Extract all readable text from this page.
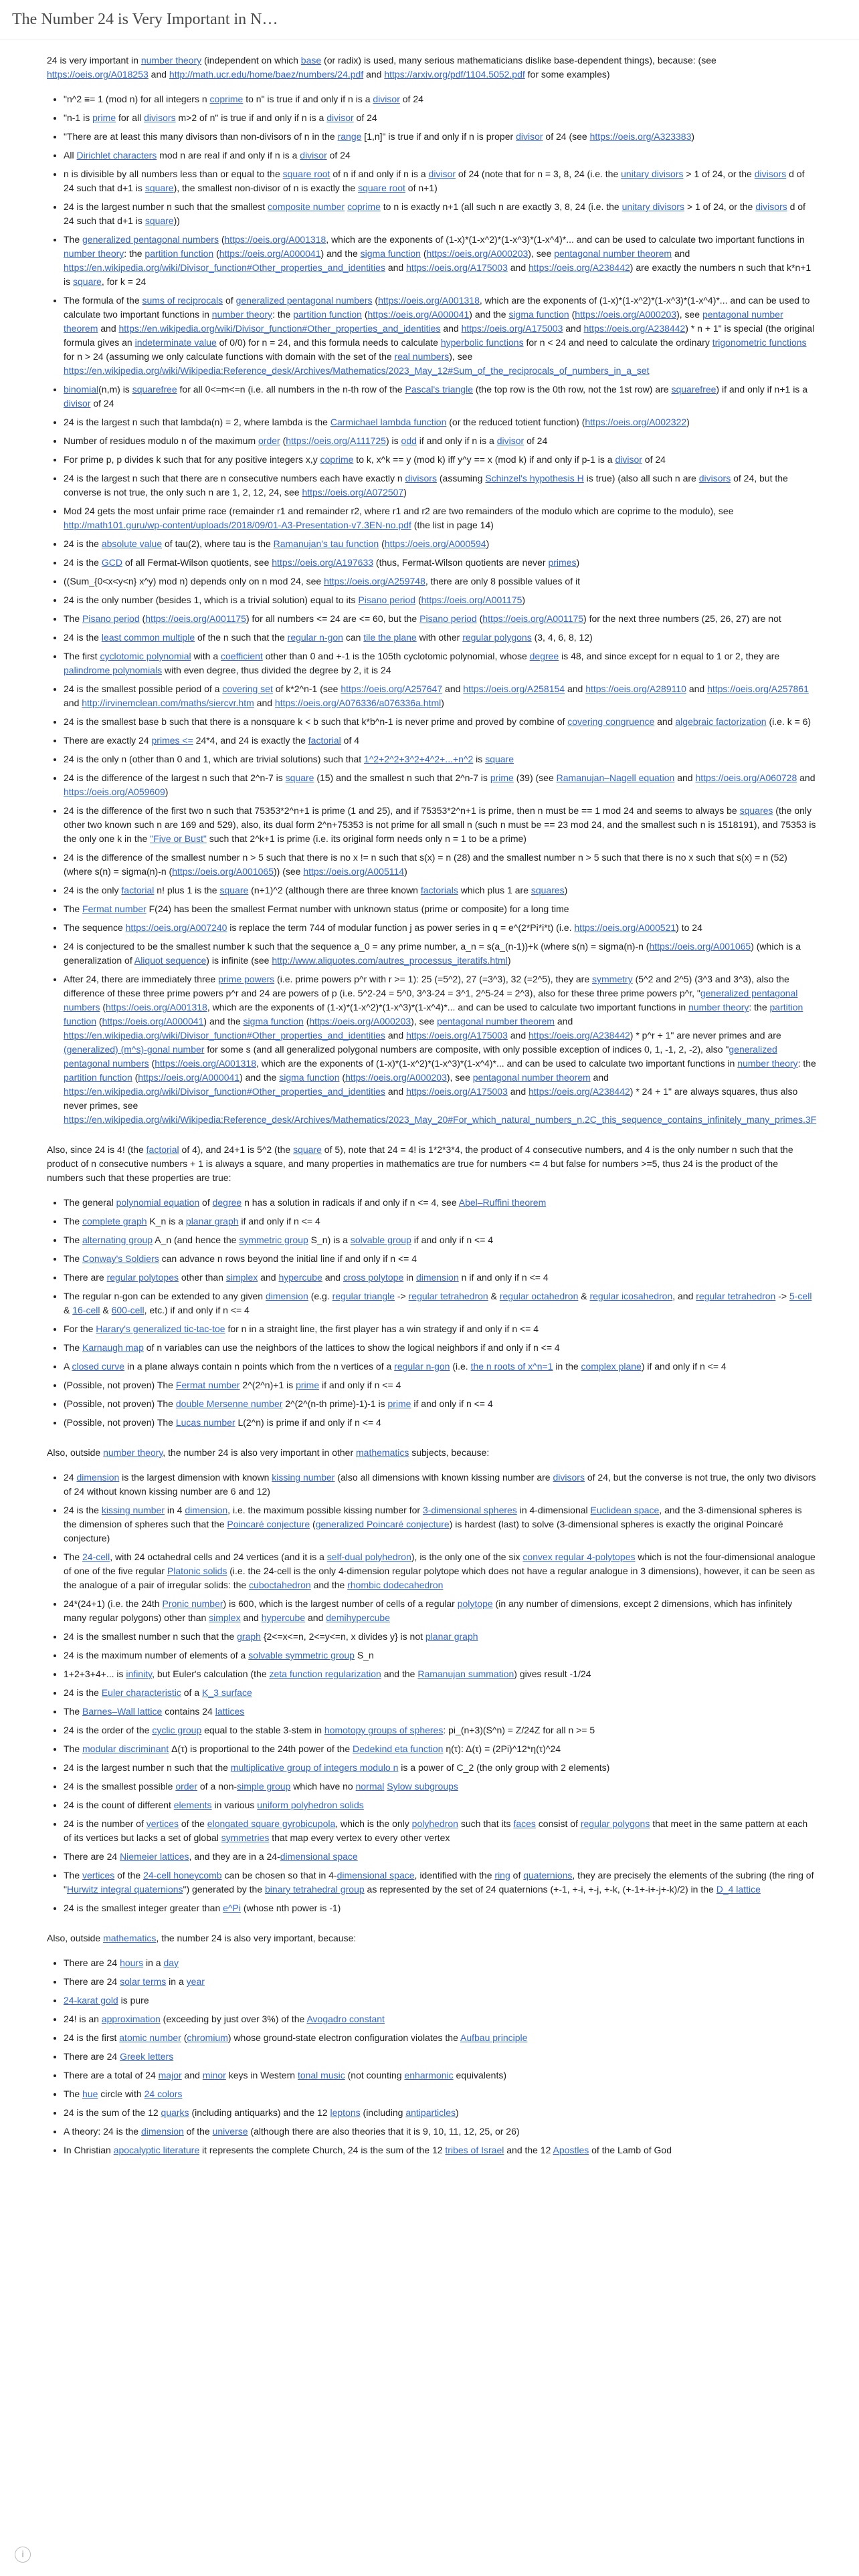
The Number 24 is Very Important in N…

24 is very important in number theory (independent on which base (or radix) is used, many serious mathematicians dislike base-dependent things), because: (see https://oeis.org/A018253 and http://math.ucr.edu/home/baez/numbers/24.pdf and https://arxiv.org/pdf/1104.5052.pdf for some examples)

• "n^2 ≡= 1 (mod n) for all integers n coprime to n" is true if and only if n is a divisor of 24
• "n-1 is prime for all divisors m>2 of n" is true if and only if n is a divisor of 24
• "There are at least this many divisors than non-divisors of n in the range [1,n]" is true if and only if n is proper divisor of 24 (see https://oeis.org/A323383)
• All Dirichlet characters mod n are real if and only if n is a divisor of 24
• n is divisible by all numbers less than or equal to the square root of n if and only if n is a divisor of 24 (note that for n = 3, 8, 24 (i.e. the unitary divisors > 1 of 24, or the divisors d of 24 such that d+1 is square), the smallest non-divisor of n is exactly the square root of n+1)
• 24 is the largest number n such that the smallest composite number coprime to n is exactly n+1 (all such n are exactly 3, 8, 24 (i.e. the unitary divisors > 1 of 24, or the divisors d of 24 such that d+1 is square))
• The generalized pentagonal numbers (https://oeis.org/A001318, which are the exponents of (1-x)*(1-x^2)*(1-x^3)*(1-x^4)*... and can be used to calculate two important functions in number theory: the partition function (https://oeis.org/A000041) and the sigma function (https://oeis.org/A000203), see pentagonal number theorem and https://en.wikipedia.org/wiki/Divisor_function#Other_properties_and_identities and https://oeis.org/A175003 and https://oeis.org/A238442) are exactly the numbers n such that k*n+1 is square, for k = 24
• The formula of the sums of reciprocals of generalized pentagonal numbers (https://oeis.org/A001318, which are the exponents of (1-x)*(1-x^2)*(1-x^3)*(1-x^4)*... and can be used to calculate two important functions in number theory: the partition function (https://oeis.org/A000041) and the sigma function (https://oeis.org/A000203), see pentagonal number theorem and https://en.wikipedia.org/wiki/Divisor_function#Other_properties_and_identities and https://oeis.org/A175003 and https://oeis.org/A238442) * n + 1" is special (the original formula gives an indeterminate value of 0/0) for n = 24, and this formula needs to calculate hyperbolic functions for n < 24 and need to calculate the ordinary trigonometric functions for n > 24 (assuming we only calculate functions with domain with the set of the real numbers), see https://en.wikipedia.org/wiki/Wikipedia:Reference_desk/Archives/Mathematics/2023_May_12#Sum_of_the_reciprocals_of_numbers_in_a_set
• binomial(n,m) is squarefree for all 0<=m<=n (i.e. all numbers in the n-th row of the Pascal's triangle (the top row is the 0th row, not the 1st row) are squarefree) if and only if n+1 is a divisor of 24
• 24 is the largest n such that lambda(n) = 2, where lambda is the Carmichael lambda function (or the reduced totient function) (https://oeis.org/A002322)
• Number of residues modulo n of the maximum order (https://oeis.org/A111725) is odd if and only if n is a divisor of 24
• For prime p, p divides k such that for any positive integers x,y coprime to k, x^k == y (mod k) iff y^y == x (mod k) if and only if p-1 is a divisor of 24
• 24 is the largest n such that there are n consecutive numbers each have exactly n divisors (assuming Schinzel's hypothesis H is true) (also all such n are divisors of 24, but the converse is not true, the only such n are 1, 2, 12, 24, see https://oeis.org/A072507)
• Mod 24 gets the most unfair prime race (remainder r1 and remainder r2, where r1 and r2 are two remainders of the modulo which are coprime to the modulo), see http://math101.guru/wp-content/uploads/2018/09/01-A3-Presentation-v7.3EN-no.pdf (the list in page 14)
• 24 is the absolute value of tau(2), where tau is the Ramanujan's tau function (https://oeis.org/A000594)
• 24 is the GCD of all Fermat-Wilson quotients, see https://oeis.org/A197633 (thus, Fermat-Wilson quotients are never primes)
• ((Sum_{0<x<y<n} x^y) mod n) depends only on n mod 24, see https://oeis.org/A259748, there are only 8 possible values of it
• 24 is the only number (besides 1, which is a trivial solution) equal to its Pisano period (https://oeis.org/A001175)
• The Pisano period (https://oeis.org/A001175) for all numbers <= 24 are <= 60, but the Pisano period (https://oeis.org/A001175) for the next three numbers (25, 26, 27) are not
• 24 is the least common multiple of the n such that the regular n-gon can tile the plane with other regular polygons (3, 4, 6, 8, 12)
• The first cyclotomic polynomial with a coefficient other than 0 and +-1 is the 105th cyclotomic polynomial, whose degree is 48, and since except for n equal to 1 or 2, they are palindrome polynomials with even degree, thus divided the degree by 2, it is 24
• 24 is the smallest possible period of a covering set of k*2^n-1 (see https://oeis.org/A257647 and https://oeis.org/A258154 and https://oeis.org/A289110 and https://oeis.org/A257861 and http://irvinemclean.com/maths/siercvr.htm and https://oeis.org/A076336/a076336a.html)
• 24 is the smallest base b such that there is a nonsquare k < b such that k*b^n-1 is never prime and proved by combine of covering congruence and algebraic factorization (i.e. k = 6)
• There are exactly 24 primes <= 24*4, and 24 is exactly the factorial of 4
• 24 is the only n (other than 0 and 1, which are trivial solutions) such that 1^2+2^2+3^2+4^2+...+n^2 is square
• 24 is the difference of the largest n such that 2^n-7 is square (15) and the smallest n such that 2^n-7 is prime (39) (see Ramanujan–Nagell equation and https://oeis.org/A060728 and https://oeis.org/A059609)
• 24 is the difference of the first two n such that 75353*2^n+1 is prime (1 and 25), and if 75353*2^n+1 is prime, then n must be == 1 mod 24 and seems to always be squares (the only other two known such n are 169 and 529), also, its dual form 2^n+75353 is not prime for all small n (such n must be == 23 mod 24, and the smallest such n is 1518191), and 75353 is the only one k in the "Five or Bust" such that 2^k+1 is prime (i.e. its original form needs only n = 1 to be a prime)
• 24 is the difference of the smallest number n > 5 such that there is no x != n such that s(x) = n (28) and the smallest number n > 5 such that there is no x such that s(x) = n (52) (where s(n) = sigma(n)-n (https://oeis.org/A001065)) (see https://oeis.org/A005114)
• 24 is the only factorial n! plus 1 is the square (n+1)^2 (although there are three known factorials which plus 1 are squares)
• The Fermat number F(24) has been the smallest Fermat number with unknown status (prime or composite) for a long time
• The sequence https://oeis.org/A007240 is replace the term 744 of modular function j as power series in q = e^(2*Pi*i*t) (i.e. https://oeis.org/A000521) to 24
• 24 is conjectured to be the smallest number k such that the sequence a_0 = any prime number, a_n = s(a_(n-1))+k (where s(n) = sigma(n)-n (https://oeis.org/A001065) (which is a generalization of Aliquot sequence) is infinite (see http://www.aliquotes.com/autres_processus_iteratifs.html)
• After 24, there are immediately three prime powers (i.e. prime powers p^r with r >= 1): 25 (=5^2), 27 (=3^3), 32 (=2^5), they are symmetry (5^2 and 2^5) (3^3 and 3^3), also the difference of these three prime powers p^r and 24 are powers of p (i.e. 5^2-24 = 5^0, 3^3-24 = 3^1, 2^5-24 = 2^3), also for these three prime powers p^r, "generalized pentagonal numbers (https://oeis.org/A001318, which are the exponents of (1-x)*(1-x^2)*(1-x^3)*(1-x^4)*... and can be used to calculate two important functions in number theory: the partition function (https://oeis.org/A000041) and the sigma function (https://oeis.org/A000203), see pentagonal number theorem and https://en.wikipedia.org/wiki/Divisor_function#Other_properties_and_identities and https://oeis.org/A175003 and https://oeis.org/A238442) * p^r + 1" are never primes and are (generalized) (m^s)-gonal number for some s (and all generalized polygonal numbers are composite, with only possible exception of indices 0, 1, -1, 2, -2), also "generalized pentagonal numbers (https://oeis.org/A001318, which are the exponents of (1-x)*(1-x^2)*(1-x^3)*(1-x^4)*... and can be used to calculate two important functions in number theory: the partition function (https://oeis.org/A000041) and the sigma function (https://oeis.org/A000203), see pentagonal number theorem and https://en.wikipedia.org/wiki/Divisor_function#Other_properties_and_identities and https://oeis.org/A175003 and https://oeis.org/A238442) * 24 + 1" are always squares, thus also never primes, see https://en.wikipedia.org/wiki/Wikipedia:Reference_desk/Archives/Mathematics/2023_May_20#For_which_natural_numbers_n.2C_this_sequence_contains_infinitely_many_primes.3F

Also, since 24 is 4! (the factorial of 4), and 24+1 is 5^2 (the square of 5), note that 24 = 4! is 1*2*3*4, the product of 4 consecutive numbers, and 4 is the only number n such that the product of n consecutive numbers + 1 is always a square, and many properties in mathematics are true for numbers <= 4 but false for numbers >=5, thus 24 is the product of the numbers such that these properties are true:

• The general polynomial equation of degree n has a solution in radicals if and only if n <= 4, see Abel–Ruffini theorem
• The complete graph K_n is a planar graph if and only if n <= 4
• The alternating group A_n (and hence the symmetric group S_n) is a solvable group if and only if n <= 4
• The Conway's Soldiers can advance n rows beyond the initial line if and only if n <= 4
• There are regular polytopes other than simplex and hypercube and cross polytope in dimension n if and only if n <= 4
• The regular n-gon can be extended to any given dimension (e.g. regular triangle -> regular tetrahedron & regular octahedron & regular icosahedron, and regular tetrahedron -> 5-cell & 16-cell & 600-cell, etc.) if and only if n <= 4
• For the Harary's generalized tic-tac-toe for n in a straight line, the first player has a win strategy if and only if n <= 4
• The Karnaugh map of n variables can use the neighbors of the lattices to show the logical neighbors if and only if n <= 4
• A closed curve in a plane always contain n points which from the n vertices of a regular n-gon (i.e. the n roots of x^n=1 in the complex plane) if and only if n <= 4
• (Possible, not proven) The Fermat number 2^(2^n)+1 is prime if and only if n <= 4
• (Possible, not proven) The double Mersenne number 2^(2^(n-th prime)-1)-1 is prime if and only if n <= 4
• (Possible, not proven) The Lucas number L(2^n) is prime if and only if n <= 4

Also, outside number theory, the number 24 is also very important in other mathematics subjects, because:

• 24 dimension is the largest dimension with known kissing number (also all dimensions with known kissing number are divisors of 24, but the converse is not true, the only two divisors of 24 without known kissing number are 6 and 12)
• 24 is the kissing number in 4 dimension, i.e. the maximum possible kissing number for 3-dimensional spheres in 4-dimensional Euclidean space, and the 3-dimensional spheres is the dimension of spheres such that the Poincaré conjecture (generalized Poincaré conjecture) is hardest (last) to solve (3-dimensional spheres is exactly the original Poincaré conjecture)
• The 24-cell, with 24 octahedral cells and 24 vertices (and it is a self-dual polyhedron), is the only one of the six convex regular 4-polytopes which is not the four-dimensional analogue of one of the five regular Platonic solids (i.e. the 24-cell is the only 4-dimension regular polytope which does not have a regular analogue in 3 dimensions), however, it can be seen as the analogue of a pair of irregular solids: the cuboctahedron and the rhombic dodecahedron
• 24*(24+1) (i.e. the 24th Pronic number) is 600, which is the largest number of cells of a regular polytope (in any number of dimensions, except 2 dimensions, which has infinitely many regular polygons) other than simplex and hypercube and demihypercube
• 24 is the smallest number n such that the graph {2<=x<=n, 2<=y<=n, x divides y} is not planar graph
• 24 is the maximum number of elements of a solvable symmetric group S_n
• 1+2+3+4+... is infinity, but Euler's calculation (the zeta function regularization and the Ramanujan summation) gives result -1/24
• 24 is the Euler characteristic of a K_3 surface
• The Barnes–Wall lattice contains 24 lattices
• 24 is the order of the cyclic group equal to the stable 3-stem in homotopy groups of spheres: pi_(n+3)(S^n) = Z/24Z for all n >= 5
• The modular discriminant Δ(τ) is proportional to the 24th power of the Dedekind eta function η(τ): Δ(τ) = (2Pi)^12*η(τ)^24
• 24 is the largest number n such that the multiplicative group of integers modulo n is a power of C_2 (the only group with 2 elements)
• 24 is the smallest possible order of a non-simple group which have no normal Sylow subgroups
• 24 is the count of different elements in various uniform polyhedron solids
• 24 is the number of vertices of the elongated square gyrobicupola, which is the only polyhedron such that its faces consist of regular polygons that meet in the same pattern at each of its vertices but lacks a set of global symmetries that map every vertex to every other vertex
• There are 24 Niemeier lattices, and they are in a 24-dimensional space
• The vertices of the 24-cell honeycomb can be chosen so that in 4-dimensional space, identified with the ring of quaternions, they are precisely the elements of the subring (the ring of "Hurwitz integral quaternions") generated by the binary tetrahedral group as represented by the set of 24 quaternions (+-1, +-i, +-j, +-k, (+-1+-i+-j+-k)/2) in the D_4 lattice
• 24 is the smallest integer greater than e^Pi (whose nth power is -1)

Also, outside mathematics, the number 24 is also very important, because:

• There are 24 hours in a day
• There are 24 solar terms in a year
• 24-karat gold is pure
• 24! is an approximation (exceeding by just over 3%) of the Avogadro constant
• 24 is the first atomic number (chromium) whose ground-state electron configuration violates the Aufbau principle
• There are 24 Greek letters
• There are a total of 24 major and minor keys in Western tonal music (not counting enharmonic equivalents)
• The hue circle with 24 colors
• 24 is the sum of the 12 quarks (including antiquarks) and the 12 leptons (including antiparticles)
• A theory: 24 is the dimension of the universe (although there are also theories that it is 9, 10, 11, 12, 25, or 26)
• In Christian apocalyptic literature it represents the complete Church, 24 is the sum of the 12 tribes of Israel and the 12 Apostles of the Lamb of God
i
